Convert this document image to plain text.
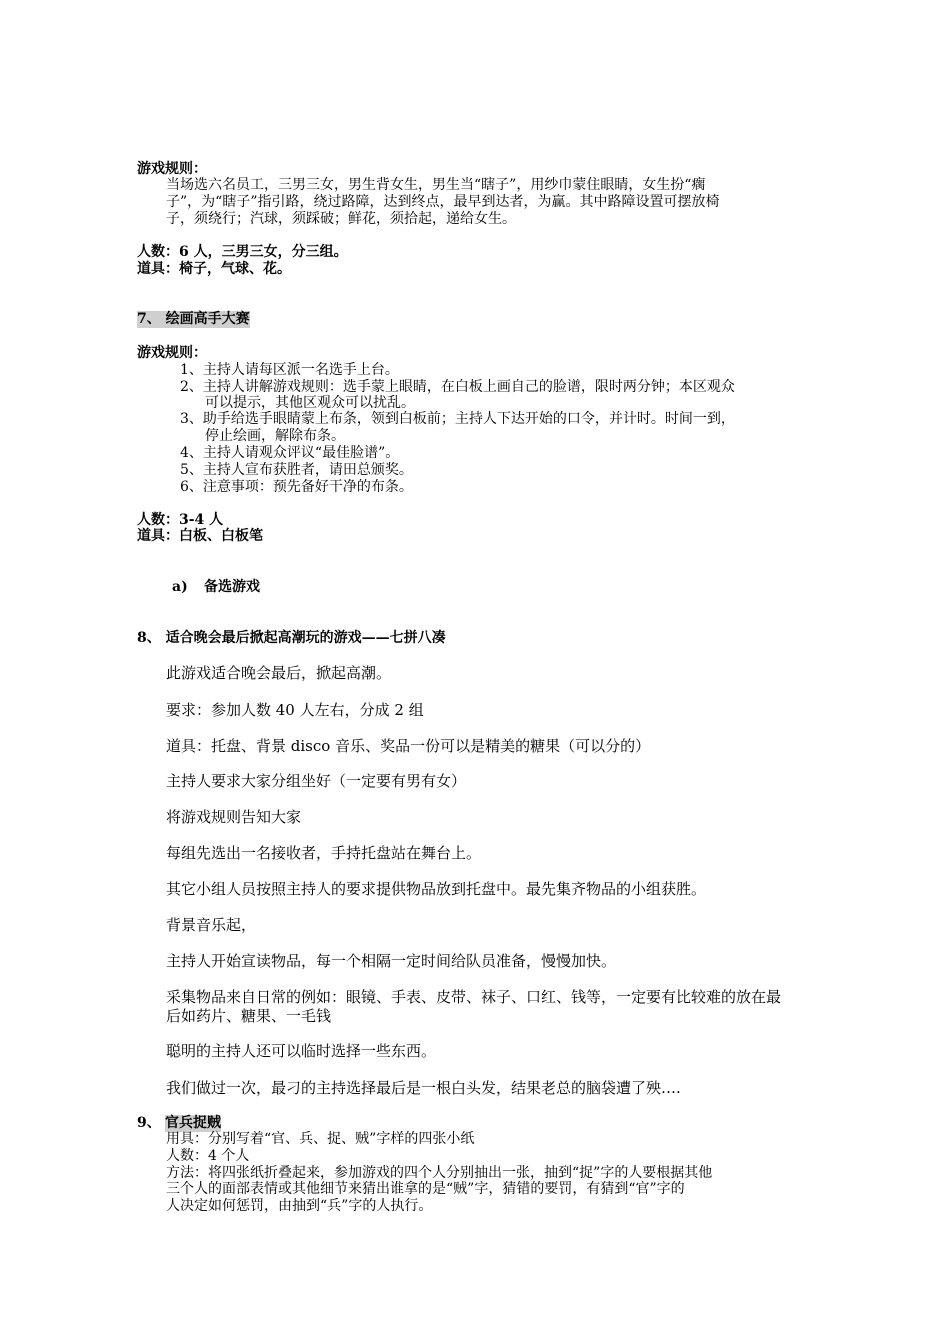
游戏规则：
当场选六名员工，三男三女，男生背女生，男生当“瞎子”，用纱巾蒙住眼睛，女生扮“瘸
子”，为“瞎子”指引路，绕过路障，达到终点，最早到达者，为赢。其中路障设置可摆放椅
子，须绕行；汽球，须踩破；鲜花，须拾起，递给女生。
人数：6 人，三男三女，分三组。
道具：椅子，气球、花。
7、 绘画高手大赛
游戏规则：
1、主持人请每区派一名选手上台。
2、主持人讲解游戏规则：选手蒙上眼睛，在白板上画自己的脸谱，限时两分钟；本区观众
可以提示，其他区观众可以扰乱。
3、助手给选手眼睛蒙上布条，领到白板前；主持人下达开始的口令，并计时。时间一到，
停止绘画，解除布条。
4、主持人请观众评议“最佳脸谱”。
5、主持人宣布获胜者，请田总颁奖。
6、注意事项：预先备好干净的布条。
人数：3-4 人
道具：白板、白板笔
a) 备选游戏
8、 适合晚会最后掀起高潮玩的游戏——七拼八凑
此游戏适合晚会最后，掀起高潮。
要求：参加人数 40 人左右，分成 2 组
道具：托盘、背景 disco 音乐、奖品一份可以是精美的糖果（可以分的）
主持人要求大家分组坐好（一定要有男有女）
将游戏规则告知大家
每组先选出一名接收者，手持托盘站在舞台上。
其它小组人员按照主持人的要求提供物品放到托盘中。最先集齐物品的小组获胜。
背景音乐起，
主持人开始宣读物品，每一个相隔一定时间给队员准备，慢慢加快。
采集物品来自日常的例如：眼镜、手表、皮带、袜子、口红、钱等，一定要有比较难的放在最
后如药片、糖果、一毛钱
聪明的主持人还可以临时选择一些东西。
我们做过一次，最刁的主持选择最后是一根白头发，结果老总的脑袋遭了殃….
9、 官兵捉贼
用具：分别写着“官、兵、捉、贼”字样的四张小纸
人数：4 个人
方法：将四张纸折叠起来，参加游戏的四个人分别抽出一张，抽到“捉”字的人要根据其他
三个人的面部表情或其他细节来猜出谁拿的是“贼”字，猜错的要罚，有猜到“官”字的
人决定如何惩罚，由抽到“兵”字的人执行。
